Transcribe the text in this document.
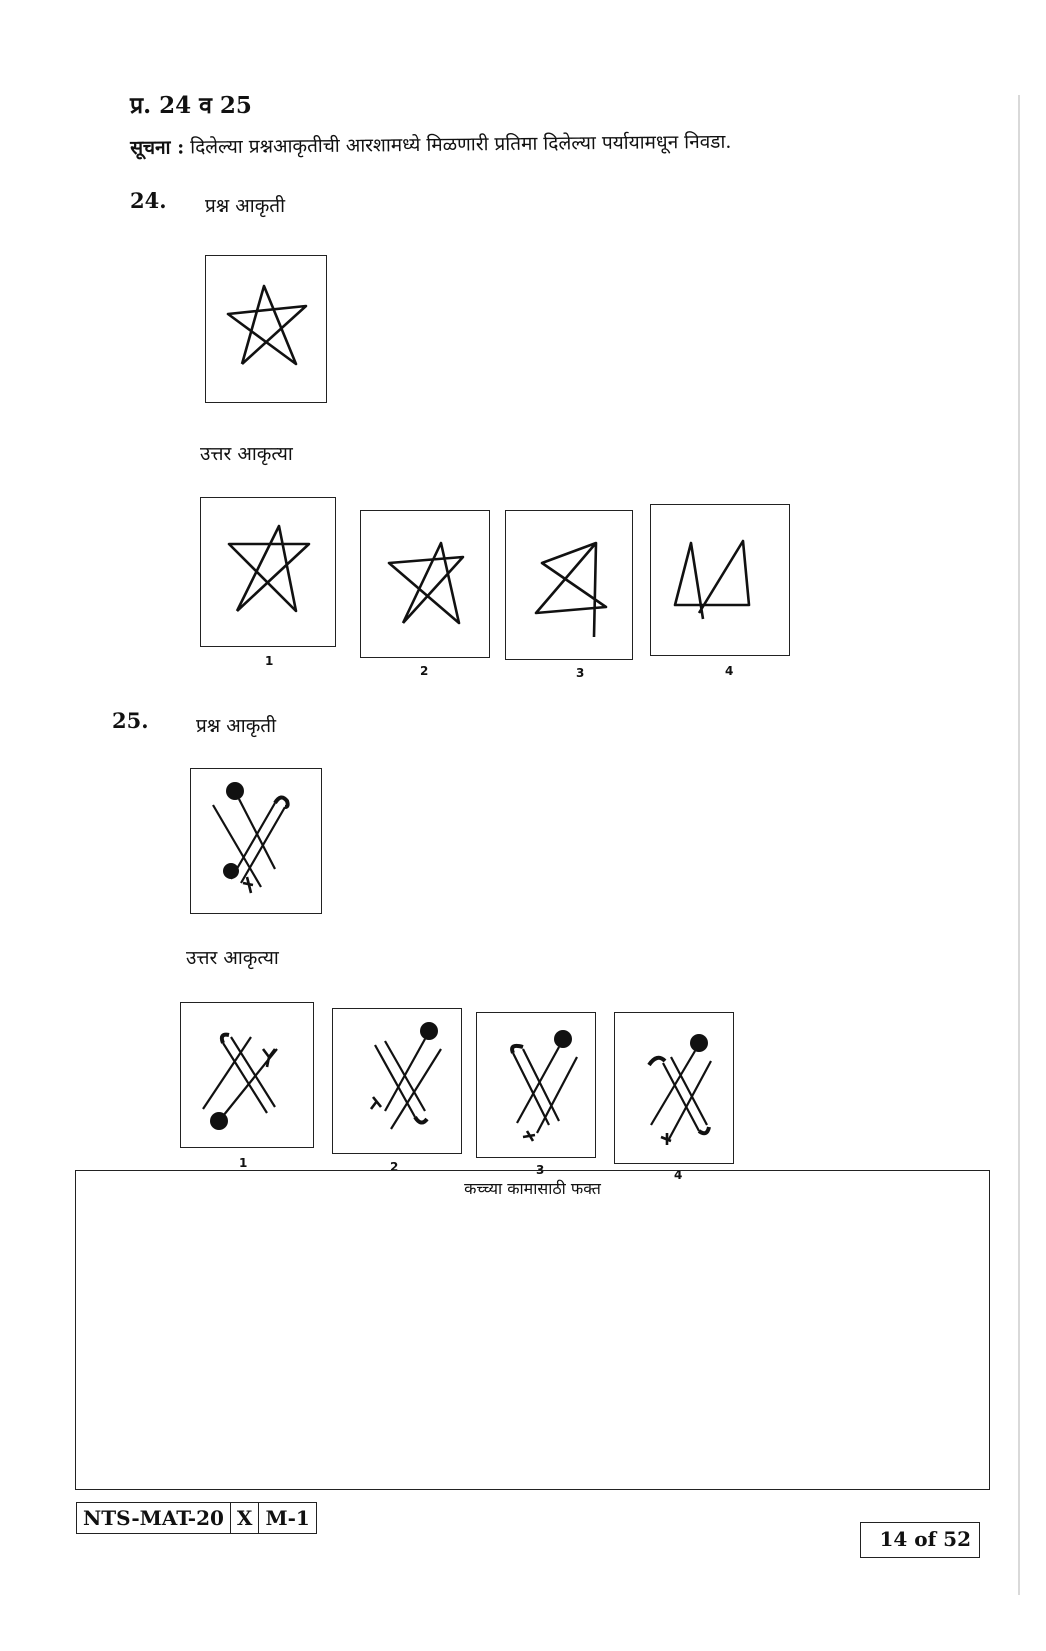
प्र. 24 व 25
सूचना : दिलेल्या प्रश्नआकृतीची आरशामध्ये मिळणारी प्रतिमा दिलेल्या पर्यायामधून निवडा.
24. प्रश्न आकृती
उत्तर आकृत्या
1
2	3	4
25. प्रश्न आकृती
उत्तर आकृत्या
1	2	3	4
कच्च्या कामासाठी फक्त
NTS-MAT-20 X M-1
14 of 52
